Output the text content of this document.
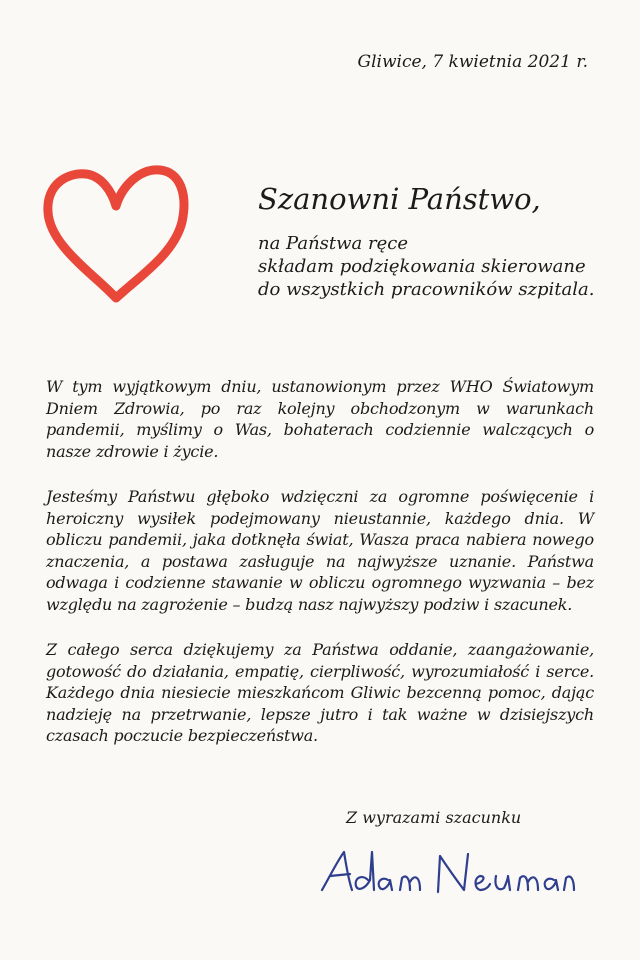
Gliwice, 7 kwietnia 2021 r.
Szanowni Państwo,
na Państwa ręce
składam podziękowania skierowane
do wszystkich pracowników szpitala.

W tym wyjątkowym dniu, ustanowionym przez WHO Światowym Dniem Zdrowia, po raz kolejny obchodzonym w warunkach pandemii, myślimy o Was, bohaterach codziennie walczących o nasze zdrowie i życie.

Jesteśmy Państwu głęboko wdzięczni za ogromne poświęcenie i heroiczny wysiłek podejmowany nieustannie, każdego dnia. W obliczu pandemii, jaka dotknęła świat, Wasza praca nabiera nowego znaczenia, a postawa zasługuje na najwyższe uznanie. Państwa odwaga i codzienne stawanie w obliczu ogromnego wyzwania – bez względu na zagrożenie – budzą nasz najwyższy podziw i szacunek.

Z całego serca dziękujemy za Państwa oddanie, zaangażowanie, gotowość do działania, empatię, cierpliwość, wyrozumiałość i serce. Każdego dnia niesiecie mieszkańcom Gliwic bezcenną pomoc, dając nadzieję na przetrwanie, lepsze jutro i tak ważne w dzisiejszych czasach poczucie bezpieczeństwa.

Z wyrazami szacunku
